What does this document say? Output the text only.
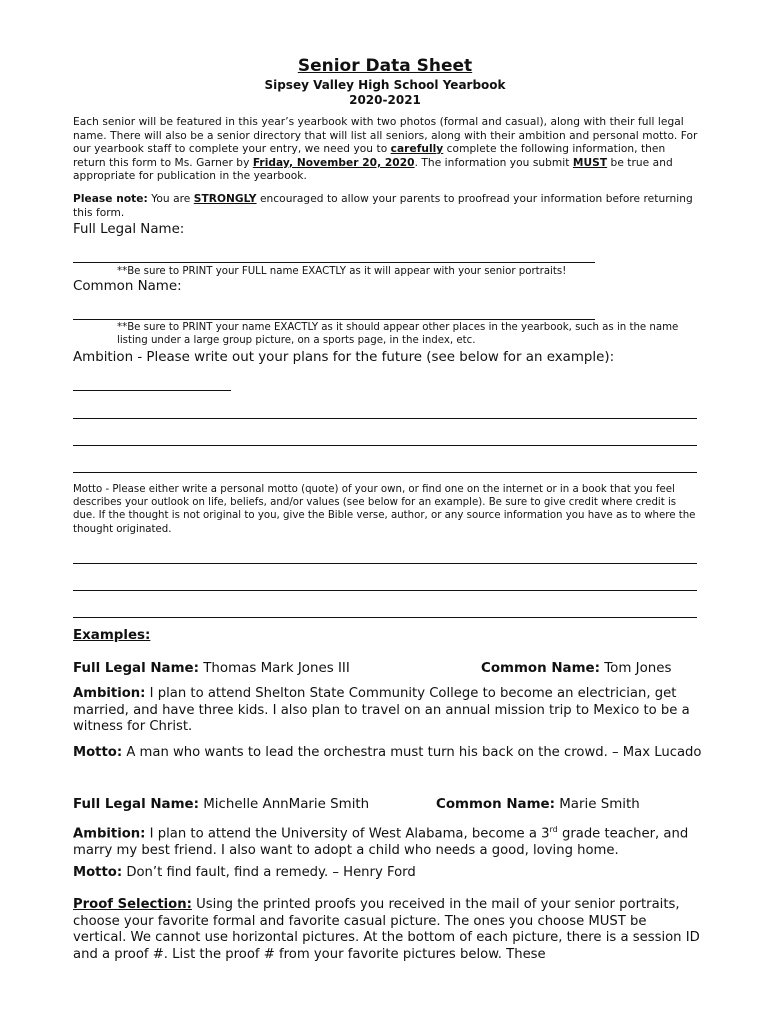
Senior Data Sheet
Sipsey Valley High School Yearbook
2020-2021
Each senior will be featured in this year’s yearbook with two photos (formal and casual), along with their full legal name. There will also be a senior directory that will list all seniors, along with their ambition and personal motto. For our yearbook staff to complete your entry, we need you to carefully complete the following information, then return this form to Ms. Garner by Friday, November 20, 2020. The information you submit MUST be true and appropriate for publication in the yearbook.
Please note: You are STRONGLY encouraged to allow your parents to proofread your information before returning this form.
Full Legal Name:
**Be sure to PRINT your FULL name EXACTLY as it will appear with your senior portraits!
Common Name:
**Be sure to PRINT your name EXACTLY as it should appear other places in the yearbook, such as in the name listing under a large group picture, on a sports page, in the index, etc.
Ambition - Please write out your plans for the future (see below for an example):
Motto - Please either write a personal motto (quote) of your own, or find one on the internet or in a book that you feel describes your outlook on life, beliefs, and/or values (see below for an example). Be sure to give credit where credit is due. If the thought is not original to you, give the Bible verse, author, or any source information you have as to where the thought originated.
Examples:
Full Legal Name: Thomas Mark Jones III	Common Name: Tom Jones
Ambition: I plan to attend Shelton State Community College to become an electrician, get married, and have three kids. I also plan to travel on an annual mission trip to Mexico to be a witness for Christ.
Motto: A man who wants to lead the orchestra must turn his back on the crowd. – Max Lucado
Full Legal Name: Michelle AnnMarie Smith	Common Name: Marie Smith
Ambition: I plan to attend the University of West Alabama, become a 3rd grade teacher, and marry my best friend. I also want to adopt a child who needs a good, loving home.
Motto: Don’t find fault, find a remedy. – Henry Ford
Proof Selection: Using the printed proofs you received in the mail of your senior portraits, choose your favorite formal and favorite casual picture. The ones you choose MUST be vertical. We cannot use horizontal pictures. At the bottom of each picture, there is a session ID and a proof #. List the proof # from your favorite pictures below. These
